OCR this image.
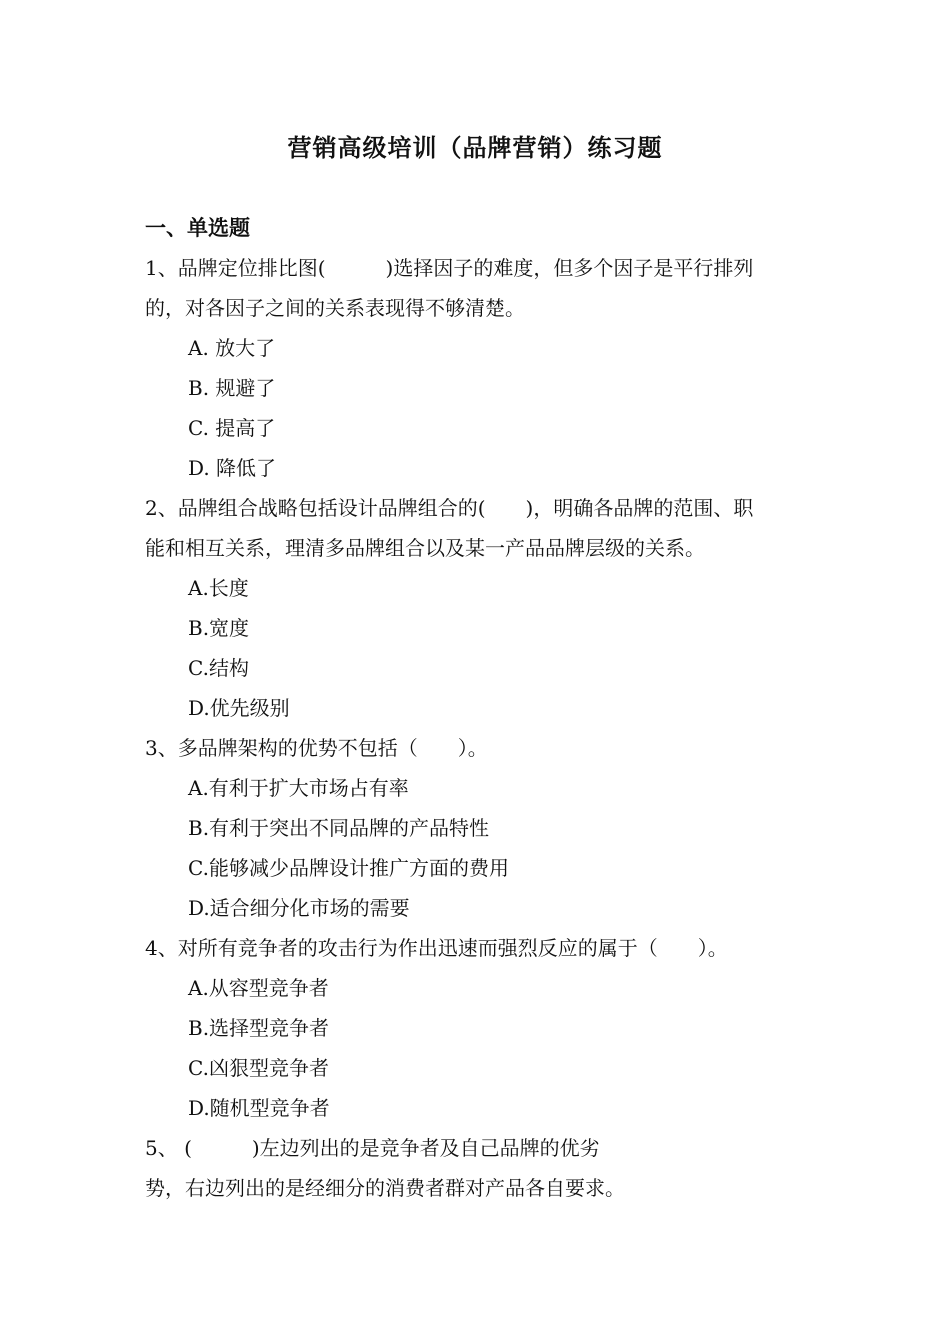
营销高级培训（品牌营销）练习题
一、单选题
1、品牌定位排比图(　　　)选择因子的难度，但多个因子是平行排列
的，对各因子之间的关系表现得不够清楚。
A. 放大了
B. 规避了
C. 提高了
D. 降低了
2、品牌组合战略包括设计品牌组合的(　　)，明确各品牌的范围、职
能和相互关系，理清多品牌组合以及某一产品品牌层级的关系。
A.长度
B.宽度
C.结构
D.优先级别
3、多品牌架构的优势不包括（　　）。
A.有利于扩大市场占有率
B.有利于突出不同品牌的产品特性
C.能够减少品牌设计推广方面的费用
D.适合细分化市场的需要
4、对所有竞争者的攻击行为作出迅速而强烈反应的属于（　　）。
A.从容型竞争者
B.选择型竞争者
C.凶狠型竞争者
D.随机型竞争者
5、 (　　　)左边列出的是竞争者及自己品牌的优劣
势，右边列出的是经细分的消费者群对产品各自要求。
